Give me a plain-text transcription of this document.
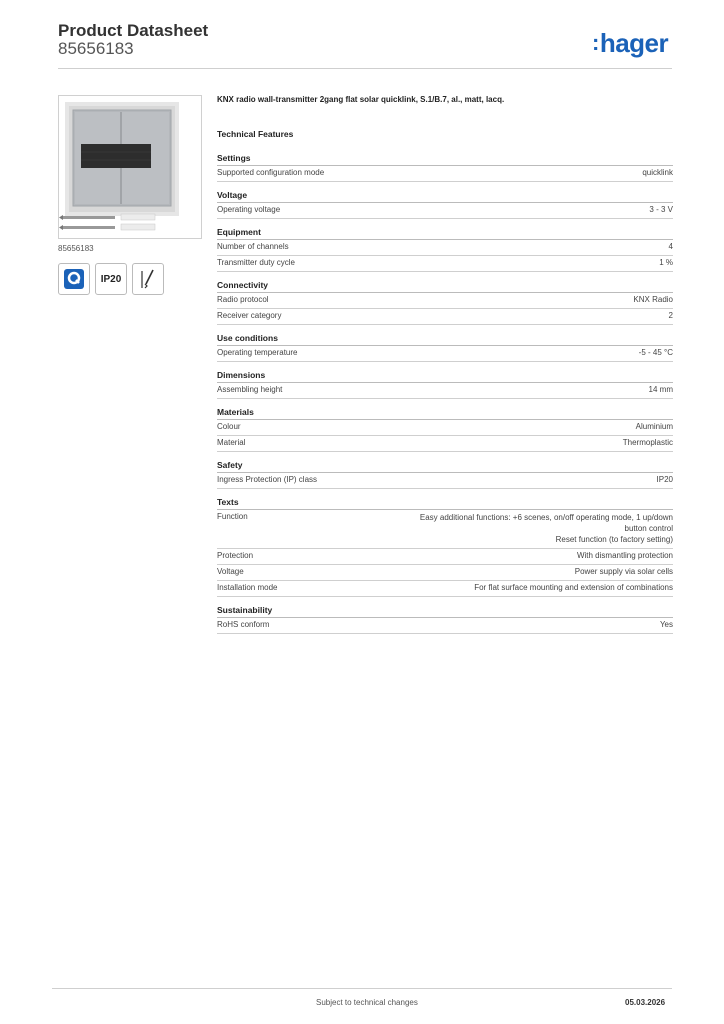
Product Datasheet
85656183	:hager
85656183
IP20
KNX radio wall-transmitter 2gang flat solar quicklink, S.1/B.7, al., matt, lacq.
Technical Features
Settings
Supported configuration mode	quicklink
Voltage
Operating voltage	3 - 3 V
Equipment
Number of channels	4
Transmitter duty cycle	1 %
Connectivity
Radio protocol	KNX Radio
Receiver category	2
Use conditions
Operating temperature	-5 - 45 °C
Dimensions
Assembling height	14 mm
Materials
Colour	Aluminium
Material	Thermoplastic
Safety
Ingress Protection (IP) class	IP20
Texts
Function	Easy additional functions: +6 scenes, on/off operating mode, 1 up/down
button control
Reset function (to factory setting)
Protection	With dismantling protection
Voltage	Power supply via solar cells
Installation mode	For flat surface mounting and extension of combinations
Sustainability
RoHS conform	Yes
Subject to technical changes	05.03.2026
